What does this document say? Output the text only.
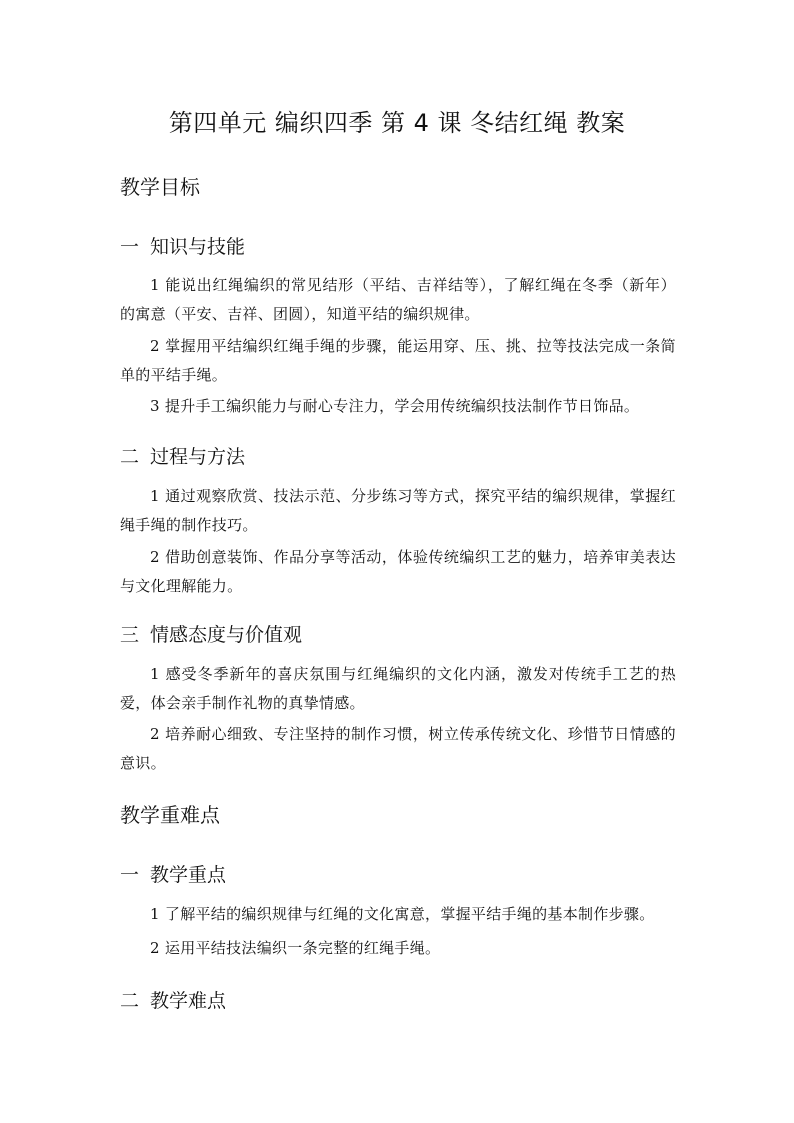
第四单元 编织四季 第 4 课 冬结红绳 教案
教学目标
一 知识与技能
1 能说出红绳编织的常见结形（平结、吉祥结等），了解红绳在冬季（新年）的寓意（平安、吉祥、团圆），知道平结的编织规律。
2 掌握用平结编织红绳手绳的步骤，能运用穿、压、挑、拉等技法完成一条简单的平结手绳。
3 提升手工编织能力与耐心专注力，学会用传统编织技法制作节日饰品。
二 过程与方法
1 通过观察欣赏、技法示范、分步练习等方式，探究平结的编织规律，掌握红绳手绳的制作技巧。
2 借助创意装饰、作品分享等活动，体验传统编织工艺的魅力，培养审美表达与文化理解能力。
三 情感态度与价值观
1 感受冬季新年的喜庆氛围与红绳编织的文化内涵，激发对传统手工艺的热爱，体会亲手制作礼物的真挚情感。
2 培养耐心细致、专注坚持的制作习惯，树立传承传统文化、珍惜节日情感的意识。
教学重难点
一 教学重点
1 了解平结的编织规律与红绳的文化寓意，掌握平结手绳的基本制作步骤。
2 运用平结技法编织一条完整的红绳手绳。
二 教学难点
